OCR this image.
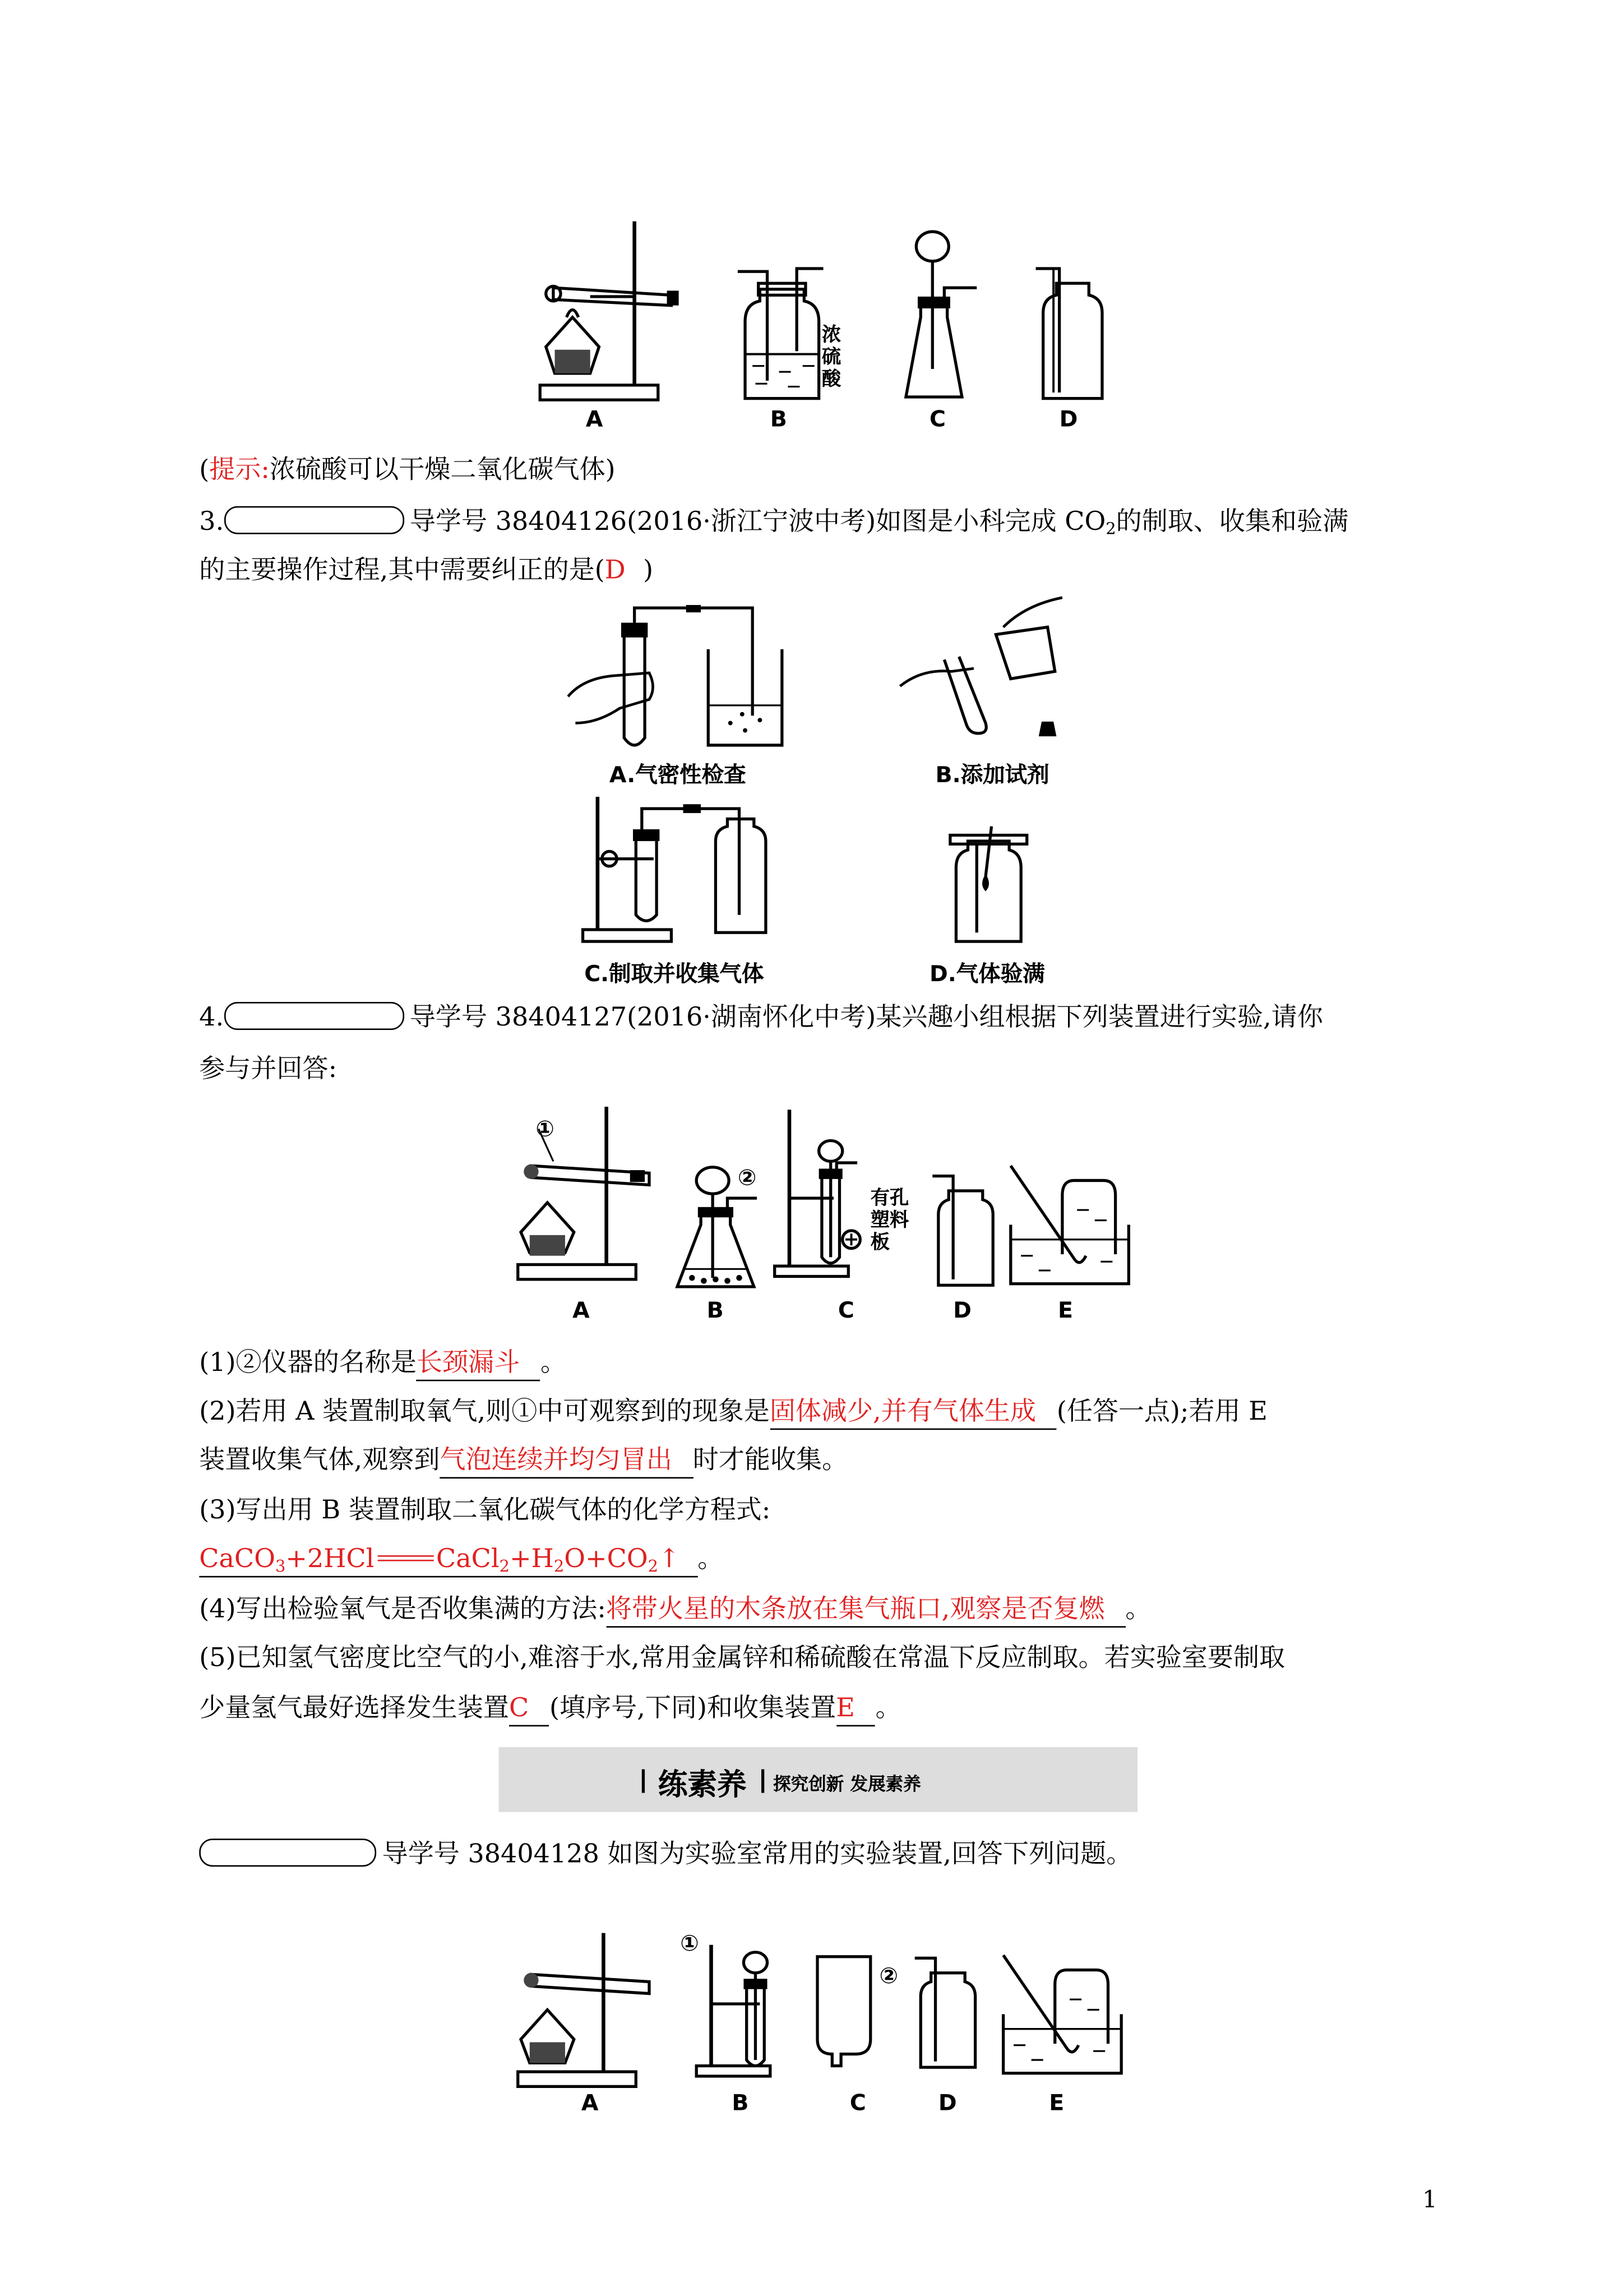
浓硫酸
A	B	C	D
(提示:浓硫酸可以干燥二氧化碳气体)
3.	导学号 38404126(2016·浙江宁波中考)如图是小科完成 $CO_2$的制取、收集和验满
的主要操作过程,其中需要纠正的是(D )
A.气密性检查	B.添加试剂
C.制取并收集气体	D.气体验满
4.	导学号 38404127(2016·湖南怀化中考)某兴趣小组根据下列装置进行实验,请你
参与并回答:
①
②
有孔塑料板
A	B	C	D	E
(1)②仪器的名称是长颈漏斗 。
(2)若用 A 装置制取氧气,则①中可观察到的现象是固体减少,并有气体生成 (任答一点);若用 E
装置收集气体,观察到气泡连续并均匀冒出 时才能收集。
(3)写出用 B 装置制取二氧化碳气体的化学方程式:
CaCO$_3$+2HCl	$CaCl_2+H_2O+CO_2↑$ 。
(4)写出检验氧气是否收集满的方法:将带火星的木条放在集气瓶口,观察是否复燃 。
(5)已知氢气密度比空气的小,难溶于水,常用金属锌和稀硫酸在常温下反应制取。若实验室要制取
少量氢气最好选择发生装置C (填序号,下同)和收集装置E 。
练素养	探究创新 发展素养
导学号 38404128 如图为实验室常用的实验装置,回答下列问题。
①
②
A	B	C	D	E
1
